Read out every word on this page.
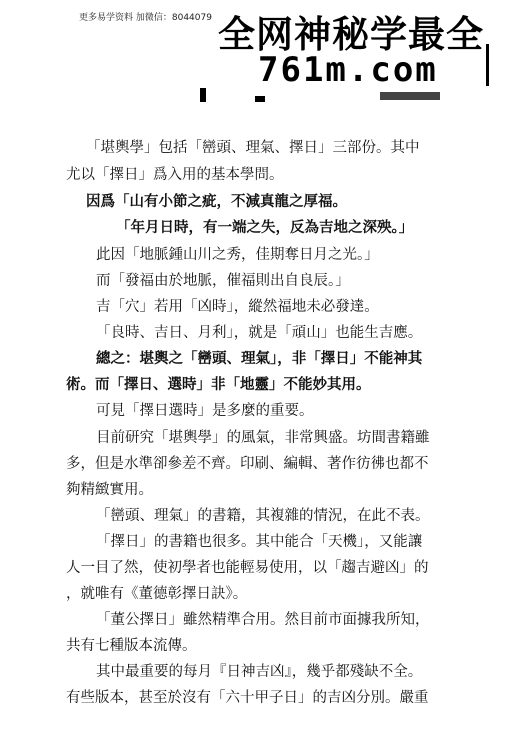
更多易学资料 加微信：8044079 全网神秘学最全
761m.com
「堪輿學」包括「巒頭、理氣、擇日」三部份。其中
尤以「擇日」爲入用的基本學問。
因爲「山有小節之疵，不減真龍之厚福。
「年月日時，有一端之失，反為吉地之深殃。」
此因「地脈鍾山川之秀，佳期奪日月之光。」
而「發福由於地脈，催福則出自良辰。」
吉「穴」若用「凶時」，縱然福地未必發達。
「良時、吉日、月利」，就是「頑山」也能生吉應。
總之：堪輿之「巒頭、理氣」，非「擇日」不能神其
術。而「擇日、選時」非「地靈」不能妙其用。
可見「擇日選時」是多麼的重要。
目前研究「堪輿學」的風氣，非常興盛。坊間書籍雖
多，但是水準卻參差不齊。印刷、編輯、著作彷彿也都不
夠精緻實用。
「巒頭、理氣」的書籍，其複雜的情況，在此不表。
「擇日」的書籍也很多。其中能合「天機」，又能讓
人一目了然，使初學者也能輕易使用，以「趨吉避凶」的
，就唯有《董德彰擇日訣》。
「董公擇日」雖然精準合用。然目前市面據我所知，
共有七種版本流傳。
其中最重要的每月『日神吉凶』，幾乎都殘缺不全。
有些版本，甚至於沒有「六十甲子日」的吉凶分別。嚴重
